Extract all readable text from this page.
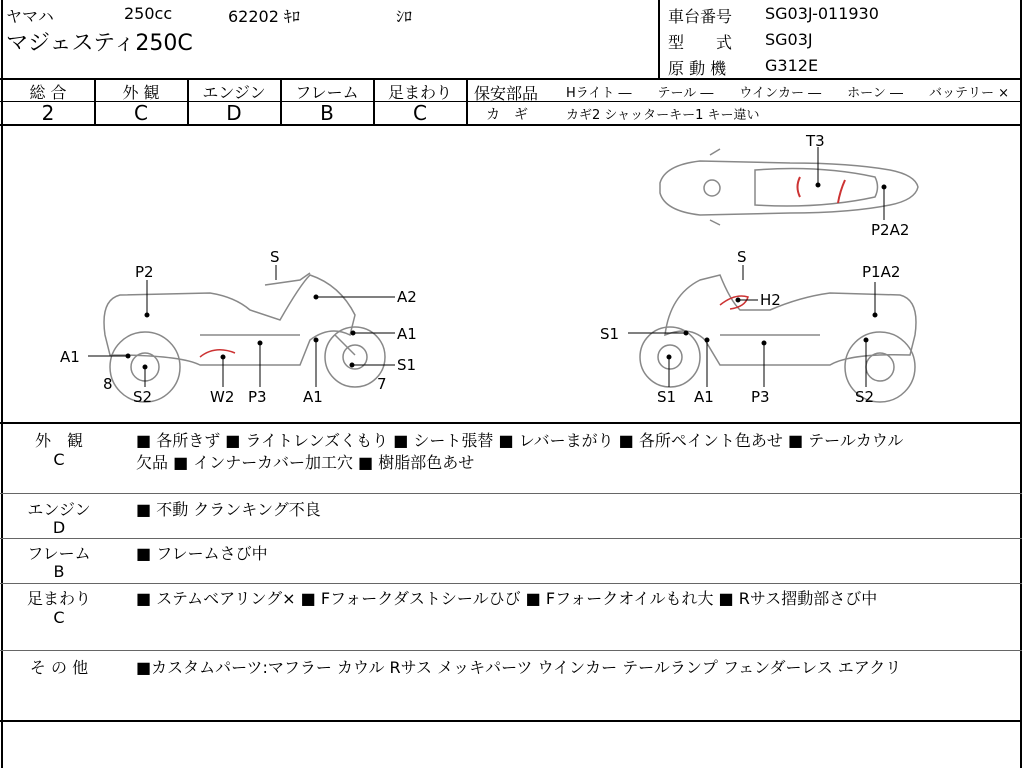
ヤマハ	250cc	62202 ｷﾛ	ｼﾛ
マジェスティ250C
車台番号 SG03J-011930
型　　式 SG03J
原 動 機 G312E
総 合
2
外 観
C
エンジン
D
フレーム
B
足まわり
C
保安部品 Hライト ―　　テール ―　　ウインカー ―　　ホーン ―　　バッテリー ×
カ　ギ	カギ2 シャッターキー1 キー違い
P2
S
A2
A1
A1	S1
8	7
S2	W2 P3 A1
S
P1A2
H2
S1
S1 A1 P3	S2
T3
P2A2
外　観
C
■ 各所きず ■ ライトレンズくもり ■ シート張替 ■ レバーまがり ■ 各所ペイント色あせ ■ テールカウル
欠品 ■ インナーカバー加工穴 ■ 樹脂部色あせ
エンジン
D
■ 不動 クランキング不良
フレーム
B
■ フレームさび中
足まわり
C
■ ステムベアリング× ■ Fフォークダストシールひび ■ Fフォークオイルもれ大 ■ Rサス摺動部さび中
そ の 他	■カスタムパーツ:マフラー カウル Rサス メッキパーツ ウインカー テールランプ フェンダーレス エアクリ
